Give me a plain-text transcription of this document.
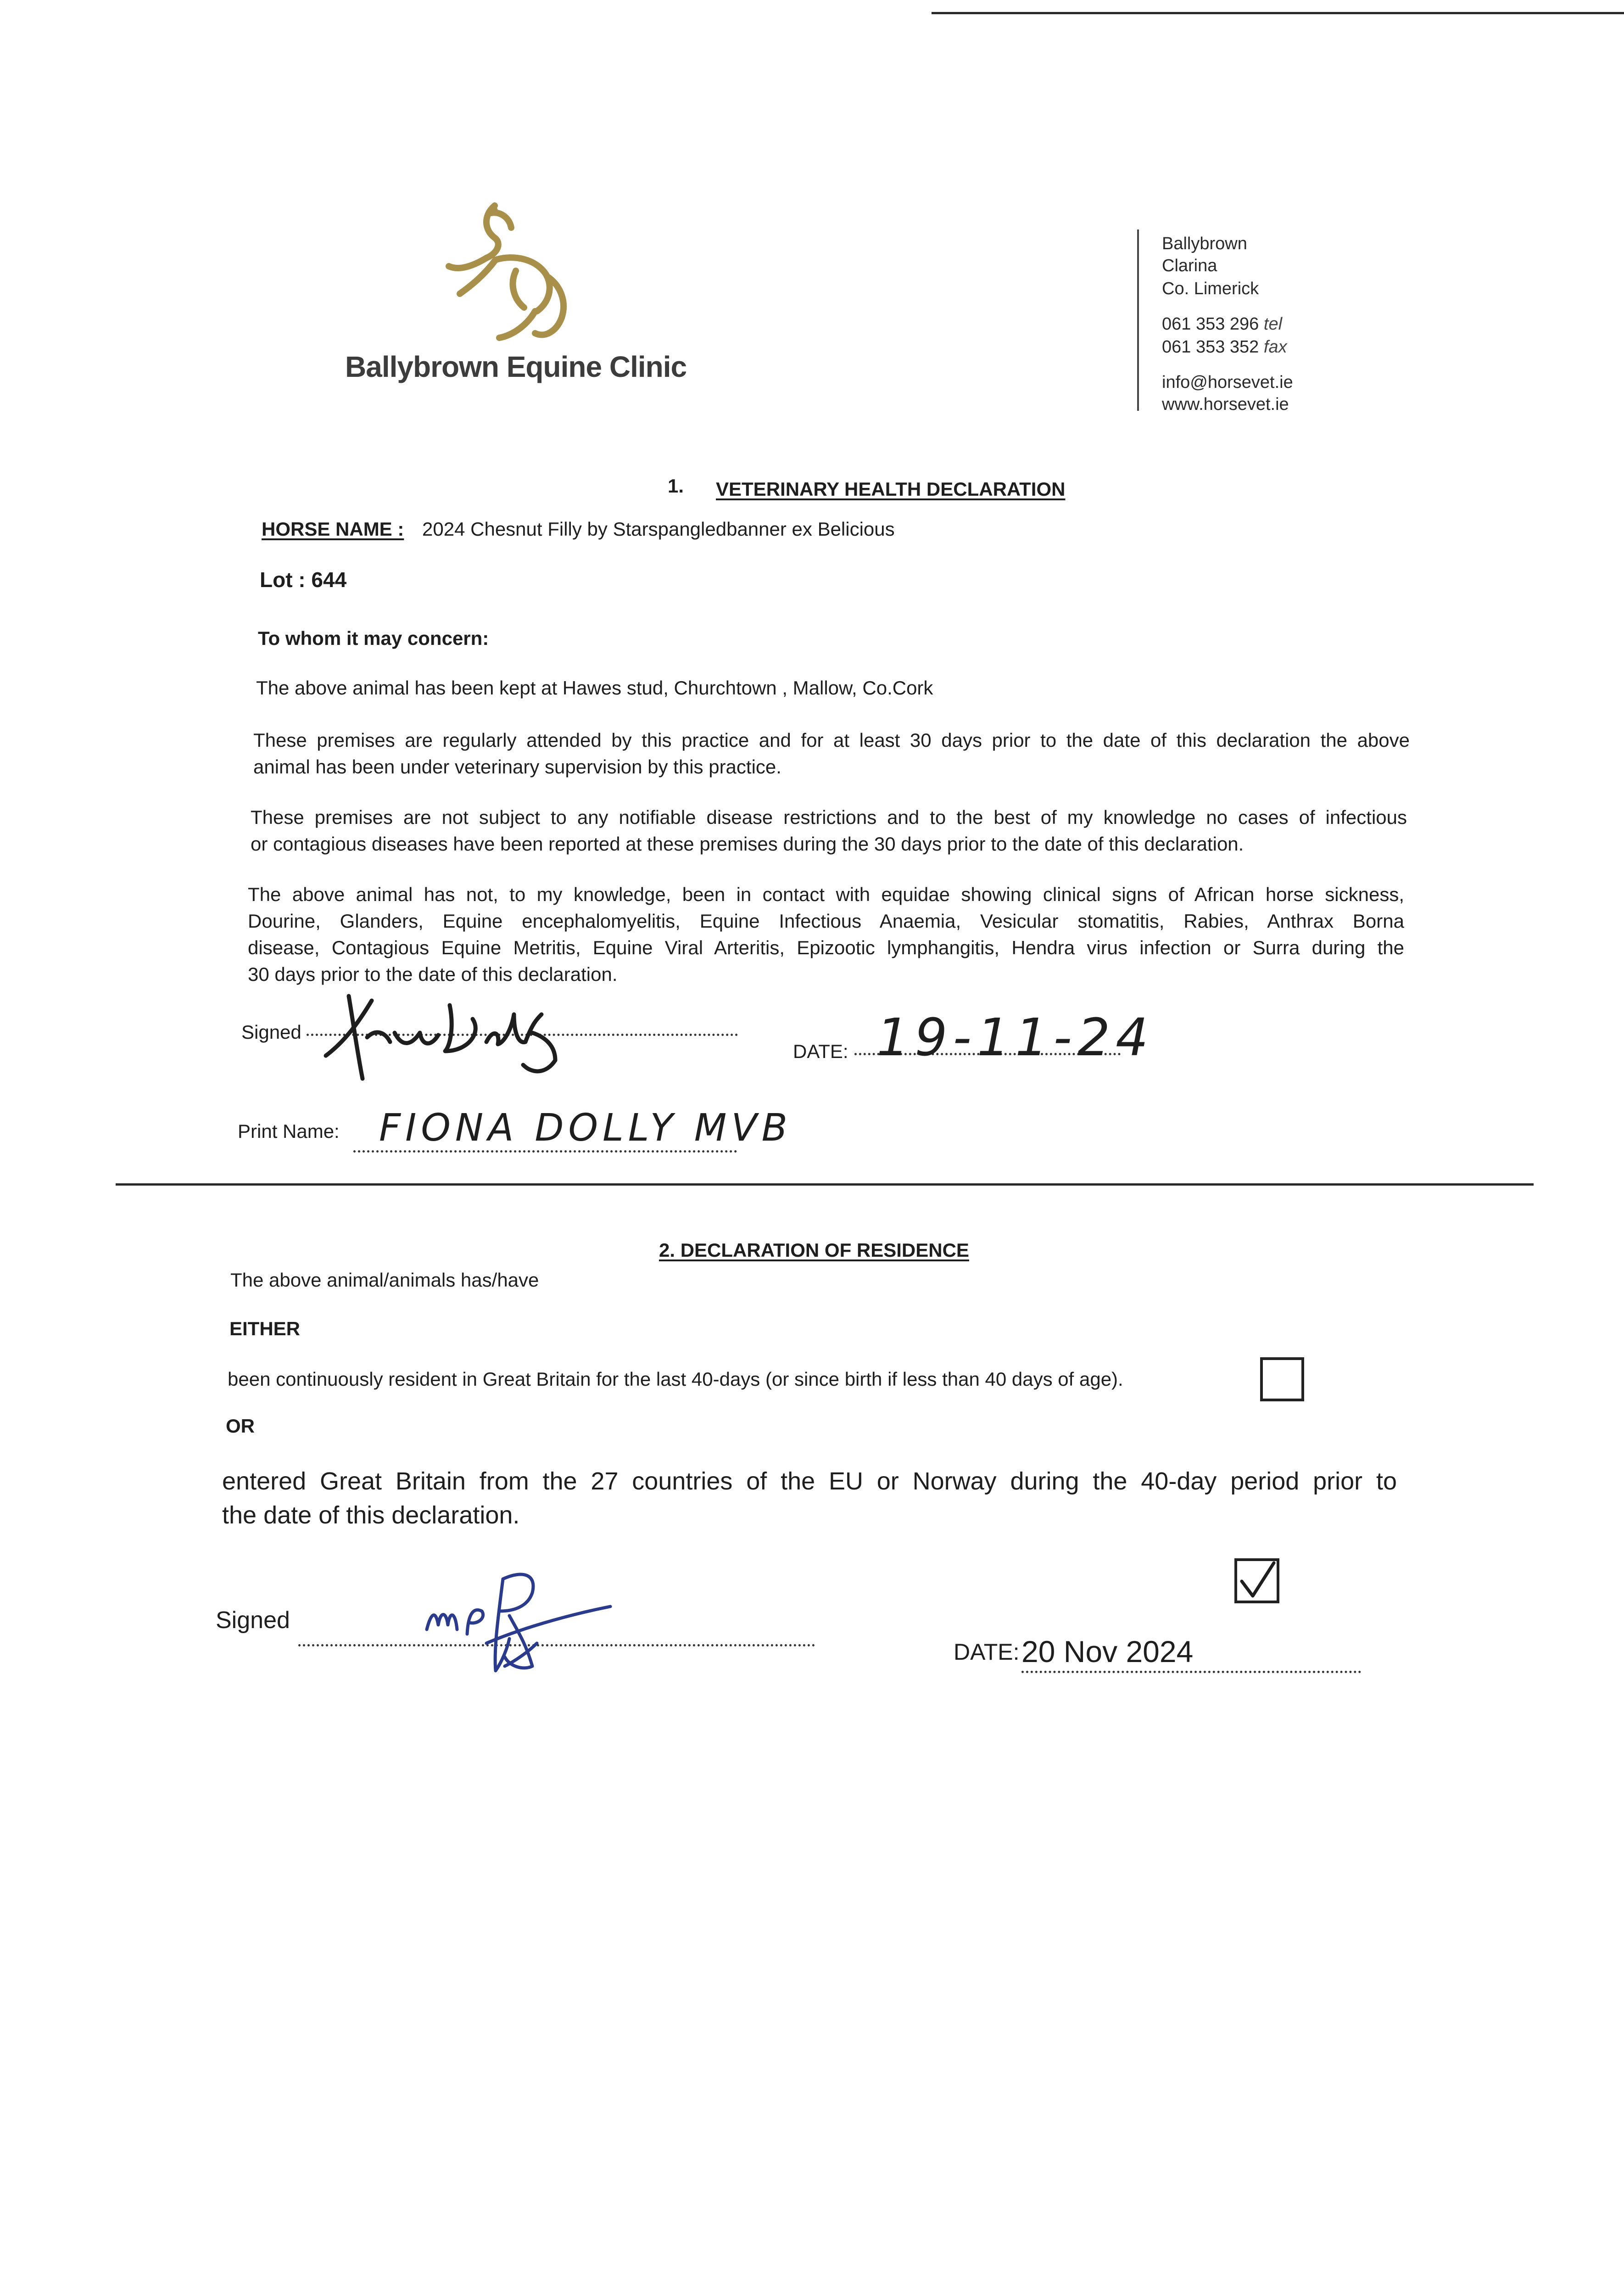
Ballybrown Equine Clinic
Ballybrown
Clarina
Co. Limerick
061 353 296 tel
061 353 352 fax
info@horsevet.ie
www.horsevet.ie
1. VETERINARY HEALTH DECLARATION
HORSE NAME : 2024 Chesnut Filly by Starspangledbanner ex Belicious
Lot : 644
To whom it may concern:
The above animal has been kept at Hawes stud, Churchtown , Mallow, Co.Cork
These premises are regularly attended by this practice and for at least 30 days prior to the date of this declaration the above
animal has been under veterinary supervision by this practice.
These premises are not subject to any notifiable disease restrictions and to the best of my knowledge no cases of infectious
or contagious diseases have been reported at these premises during the 30 days prior to the date of this declaration.
The above animal has not, to my knowledge, been in contact with equidae showing clinical signs of African horse sickness,
Dourine, Glanders, Equine encephalomyelitis, Equine Infectious Anaemia, Vesicular stomatitis, Rabies, Anthrax Borna
disease, Contagious Equine Metritis, Equine Viral Arteritis, Epizootic lymphangitis, Hendra virus infection or Surra during the
30 days prior to the date of this declaration.
Signed
DATE: 19-11-24
Print Name: FIONA DOLLY MVB
2. DECLARATION OF RESIDENCE
The above animal/animals has/have
EITHER
been continuously resident in Great Britain for the last 40-days (or since birth if less than 40 days of age).
OR
entered Great Britain from the 27 countries of the EU or Norway during the 40-day period prior to
the date of this declaration.
Signed
DATE: 20 Nov 2024
